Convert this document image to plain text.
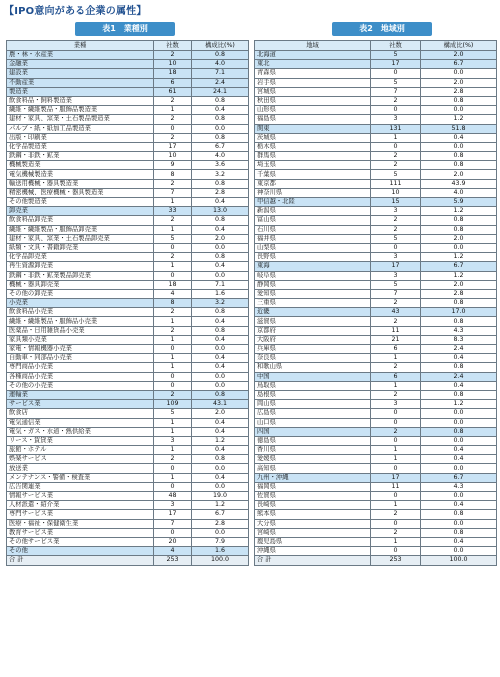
【IPO意向がある企業の属性】
表1　業種別	表2　地域別
業種	社数	構成比(%)
農・林・水産業	2	0.8
金融業	10	4.0
建設業	18	7.1
不動産業	6	2.4
製造業	61	24.1
飲食料品・飼料製造業	2	0.8
繊維・繊維製品・服飾品製造業	1	0.4
建材・家具、窯業・土石製品製造業	2	0.8
パルプ・紙・紙加工品製造業	0	0.0
出版・印刷業	2	0.8
化学品製造業	17	6.7
鉄鋼・非鉄・鉱業	10	4.0
機械製造業	9	3.6
電気機械製造業	8	3.2
輸送用機械・器具製造業	2	0.8
精密機械、医療機械・器具製造業	7	2.8
その他製造業	1	0.4
卸売業	33	13.0
飲食料品卸売業	2	0.8
繊維・繊維製品・服飾品卸売業	1	0.4
建材・家具、窯業・土石製品卸売業	5	2.0
紙類・文具・書籍卸売業	0	0.0
化学品卸売業	2	0.8
再生資源卸売業	1	0.4
鉄鋼・非鉄・鉱業製品卸売業	0	0.0
機械・器具卸売業	18	7.1
その他の卸売業	4	1.6
小売業	8	3.2
飲食料品小売業	2	0.8
繊維・繊維製品・服飾品小売業	1	0.4
医薬品・日用雑貨品小売業	2	0.8
家具類小売業	1	0.4
家電・情報機器小売業	0	0.0
自動車・同部品小売業	1	0.4
専門商品小売業	1	0.4
各種商品小売業	0	0.0
その他の小売業	0	0.0
運輸業	2	0.8
サービス業	109	43.1
飲食店	5	2.0
電気通信業	1	0.4
電気・ガス・水道・熱供給業	1	0.4
リース・賃貸業	3	1.2
旅館・ホテル	1	0.4
娯楽サービス	2	0.8
放送業	0	0.0
メンテナンス・警備・検査業	1	0.4
広告関連業	0	0.0
情報サービス業	48	19.0
人材派遣・紹介業	3	1.2
専門サービス業	17	6.7
医療・福祉・保健衛生業	7	2.8
教育サービス業	0	0.0
その他サービス業	20	7.9
その他	4	1.6
合 計	253	100.0
地域	社数	構成比(%)
北海道	5	2.0
東北	17	6.7
青森県	0	0.0
岩手県	5	2.0
宮城県	7	2.8
秋田県	2	0.8
山形県	0	0.0
福島県	3	1.2
関東	131	51.8
茨城県	1	0.4
栃木県	0	0.0
群馬県	2	0.8
埼玉県	2	0.8
千葉県	5	2.0
東京都	111	43.9
神奈川県	10	4.0
甲信越・北陸	15	5.9
新潟県	3	1.2
富山県	2	0.8
石川県	2	0.8
福井県	5	2.0
山梨県	0	0.0
長野県	3	1.2
東海	17	6.7
岐阜県	3	1.2
静岡県	5	2.0
愛知県	7	2.8
三重県	2	0.8
近畿	43	17.0
滋賀県	2	0.8
京都府	11	4.3
大阪府	21	8.3
兵庫県	6	2.4
奈良県	1	0.4
和歌山県	2	0.8
中国	6	2.4
鳥取県	1	0.4
島根県	2	0.8
岡山県	3	1.2
広島県	0	0.0
山口県	0	0.0
四国	2	0.8
徳島県	0	0.0
香川県	1	0.4
愛媛県	1	0.4
高知県	0	0.0
九州・沖縄	17	6.7
福岡県	11	4.3
佐賀県	0	0.0
長崎県	1	0.4
熊本県	2	0.8
大分県	0	0.0
宮崎県	2	0.8
鹿児島県	1	0.4
沖縄県	0	0.0
合 計	253	100.0
